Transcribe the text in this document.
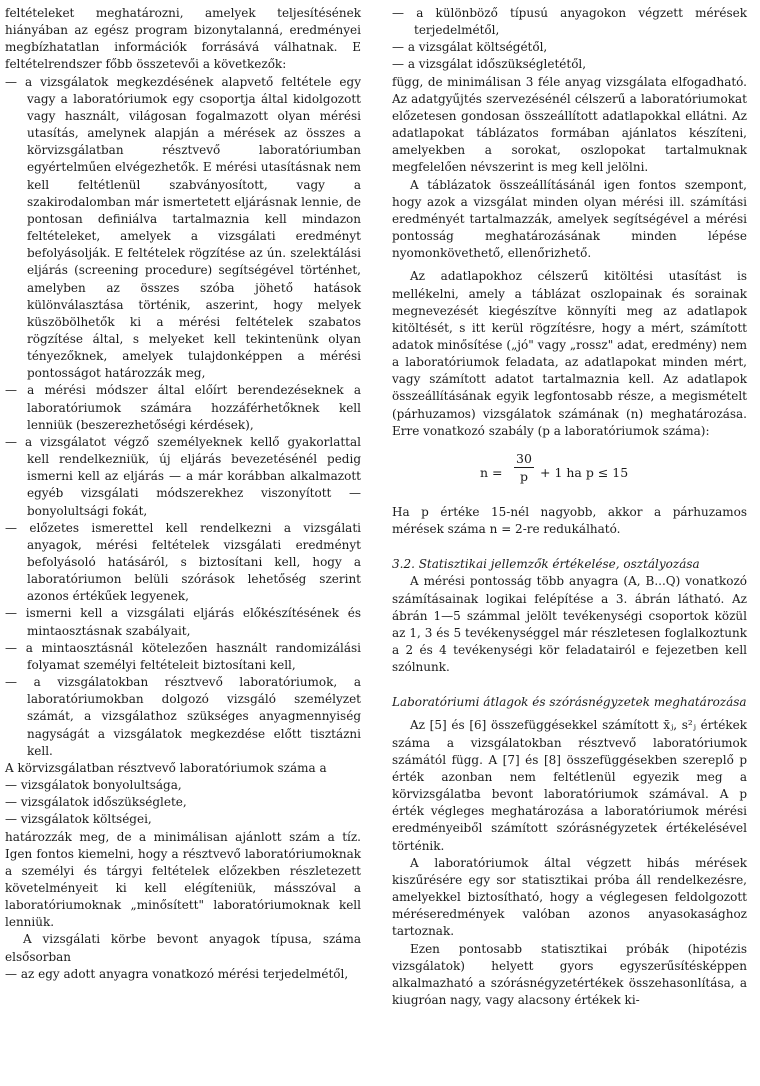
feltételeket meghatározni, amelyek teljesítésének hiányában az egész program bizonytalanná, eredményei megbízhatatlan információk forrásává válhatnak. E feltételrendszer főbb összetevői a következők:

— a vizsgálatok megkezdésének alapvető feltétele egy vagy a laboratóriumok egy csoportja által kidolgozott vagy használt, világosan fogalmazott olyan mérési utasítás, amelynek alapján a mérések az összes a körvizsgálatban résztvevő laboratóriumban egyértelműen elvégezhetők. E mérési utasításnak nem kell feltétlenül szabványosított, vagy a szakirodalomban már ismertetett eljárásnak lennie, de pontosan definiálva tartalmaznia kell mindazon feltételeket, amelyek a vizsgálati eredményt befolyásolják. E feltételek rögzítése az ún. szelektálási eljárás (screening procedure) segítségével történhet, amelyben az összes szóba jöhető hatások különválasztása történik, aszerint, hogy melyek küszöbölhetők ki a mérési feltételek szabatos rögzítése által, s melyeket kell tekintenünk olyan tényezőknek, amelyek tulajdonképpen a mérési pontosságot határozzák meg,

— a mérési módszer által előírt berendezéseknek a laboratóriumok számára hozzáférhetőknek kell lenniük (beszerezhetőségi kérdések),

— a vizsgálatot végző személyeknek kellő gyakorlattal kell rendelkezniük, új eljárás bevezetésénél pedig ismerni kell az eljárás — a már korábban alkalmazott egyéb vizsgálati módszerekhez viszonyított — bonyolultsági fokát,

— előzetes ismerettel kell rendelkezni a vizsgálati anyagok, mérési feltételek vizsgálati eredményt befolyásoló hatásáról, s biztosítani kell, hogy a laboratóriumon belüli szórások lehetőség szerint azonos értékűek legyenek,

— ismerni kell a vizsgálati eljárás előkészítésének és mintaosztásnak szabályait,

— a mintaosztásnál kötelezően használt randomizálási folyamat személyi feltételeit biztosítani kell,

— a vizsgálatokban résztvevő laboratóriumok, a laboratóriumokban dolgozó vizsgáló személyzet számát, a vizsgálathoz szükséges anyagmennyiség nagyságát a vizsgálatok megkezdése előtt tisztázni kell.

A körvizsgálatban résztvevő laboratóriumok száma a

— vizsgálatok bonyolultsága,

— vizsgálatok időszükséglete,

— vizsgálatok költségei,

határozzák meg, de a minimálisan ajánlott szám a tíz. Igen fontos kiemelni, hogy a résztvevő laboratóriumoknak a személyi és tárgyi feltételek előzekben részletezett követelményeit ki kell elégíteniük, másszóval a laboratóriumoknak „minősített" laboratóriumoknak kell lenniük.

A vizsgálati körbe bevont anyagok típusa, száma elsősorban

— az egy adott anyagra vonatkozó mérési terjedelmétől,

— a különböző típusú anyagokon végzett mérések terjedelmétől,

— a vizsgálat költségétől,

— a vizsgálat időszükségletétől,

függ, de minimálisan 3 féle anyag vizsgálata elfogadható. Az adatgyűjtés szervezésénél célszerű a laboratóriumokat előzetesen gondosan összeállított adatlapokkal ellátni. Az adatlapokat táblázatos formában ajánlatos készíteni, amelyekben a sorokat, oszlopokat tartalmuknak megfelelően névszerint is meg kell jelölni.

A táblázatok összeállításánál igen fontos szempont, hogy azok a vizsgálat minden olyan mérési ill. számítási eredményét tartalmazzák, amelyek segítségével a mérési pontosság meghatározásának minden lépése nyomonkövethető, ellenőrizhető.

Az adatlapokhoz célszerű kitöltési utasítást is mellékelni, amely a táblázat oszlopainak és sorainak megnevezését kiegészítve könnyíti meg az adatlapok kitöltését, s itt kerül rögzítésre, hogy a mért, számított adatok minősítése („jó" vagy „rossz" adat, eredmény) nem a laboratóriumok feladata, az adatlapokat minden mért, vagy számított adatot tartalmaznia kell. Az adatlapok összeállításának egyik legfontosabb része, a megismételt (párhuzamos) vizsgálatok számának (n) meghatározása. Erre vonatkozó szabály (p a laboratóriumok száma):

$n = \frac{30}{p} + 1$ ha p ≤ 15

Ha p értéke 15-nél nagyobb, akkor a párhuzamos mérések száma n = 2-re redukálható.

3.2. Statisztikai jellemzők értékelése, osztályozása

A mérési pontosság több anyagra (A, B...Q) vonatkozó számításainak logikai felépítése a 3. ábrán látható. Az ábrán 1—5 számmal jelölt tevékenységi csoportok közül az 1, 3 és 5 tevékenységgel már részletesen foglalkoztunk a 2 és 4 tevékenységi kör feladatairól e fejezetben kell szólnunk.

Laboratóriumi átlagok és szórásnégyzetek meghatározása

Az [5] és [6] összefüggésekkel számított x̄ⱼ, s²ⱼ értékek száma a vizsgálatokban résztvevő laboratóriumok számától függ. A [7] és [8] összefüggésekben szereplő p érték azonban nem feltétlenül egyezik meg a körvizsgálatba bevont laboratóriumok számával. A p érték végleges meghatározása a laboratóriumok mérési eredményeiből számított szórásnégyzetek értékelésével történik.

A laboratóriumok által végzett hibás mérések kiszűrésére egy sor statisztikai próba áll rendelkezésre, amelyekkel biztosítható, hogy a véglegesen feldolgozott méréseredmények valóban azonos anyasokasághoz tartoznak.

Ezen pontosabb statisztikai próbák (hipotézis vizsgálatok) helyett gyors egyszerűsítésképpen alkalmazható a szórásnégyzetértékek összehasonlítása, a kiugróan nagy, vagy alacsony értékek ki-
